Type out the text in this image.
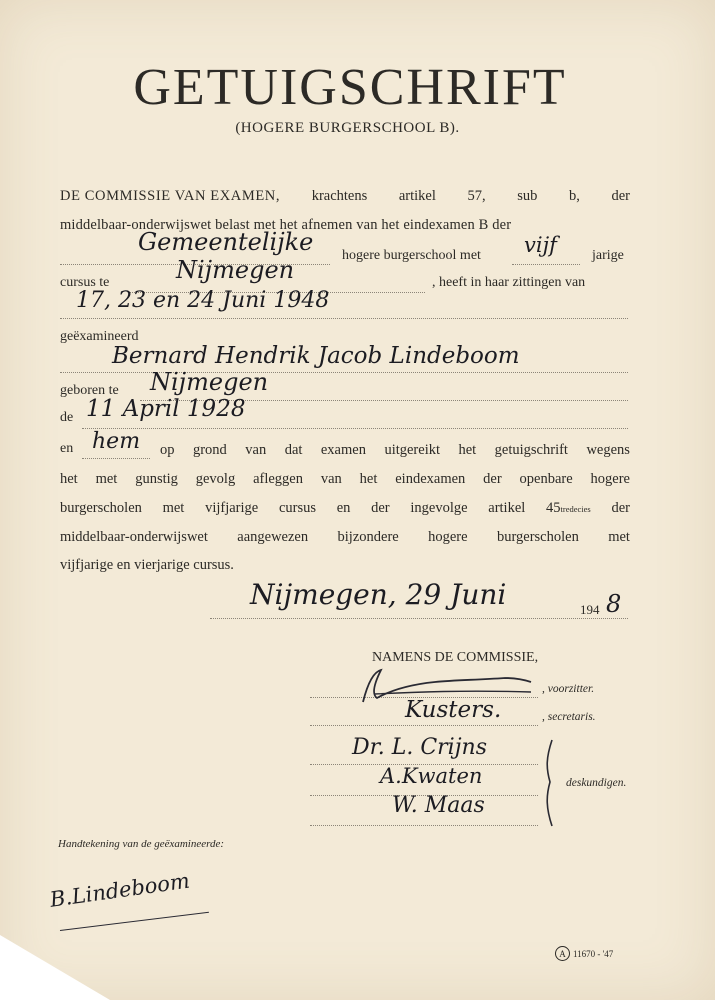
GETUIGSCHRIFT
(HOGERE BURGERSCHOOL B).
DE COMMISSIE VAN EXAMEN, krachtens artikel 57, sub b, der
middelbaar-onderwijswet belast met het afnemen van het eindexamen B der
Gemeentelijke hogere burgerschool met vijf	jarige
cursus te	Nijmegen	, heeft in haar zittingen van
17, 23 en 24 Juni 1948
geëxamineerd
Bernard Hendrik Jacob Lindeboom
geboren te Nijmegen
de 11 April 1928
en hem op grond van dat examen uitgereikt het getuigschrift wegens
het met gunstig gevolg afleggen van het eindexamen der openbare hogere
burgerscholen met vijfjarige cursus en der ingevolge artikel 45tredecies der
middelbaar-onderwijswet aangewezen bijzondere hogere burgerscholen met
vijfjarige en vierjarige cursus.
Nijmegen, 29 Juni	194 8
NAMENS DE COMMISSIE,
, voorzitter.
Kusters.	, secretaris.
Dr. L. Crijns
A.Kwaten
W. Maas
deskundigen.
Handtekening van de geëxamineerde:
B.Lindeboom
A 11670 - '47
